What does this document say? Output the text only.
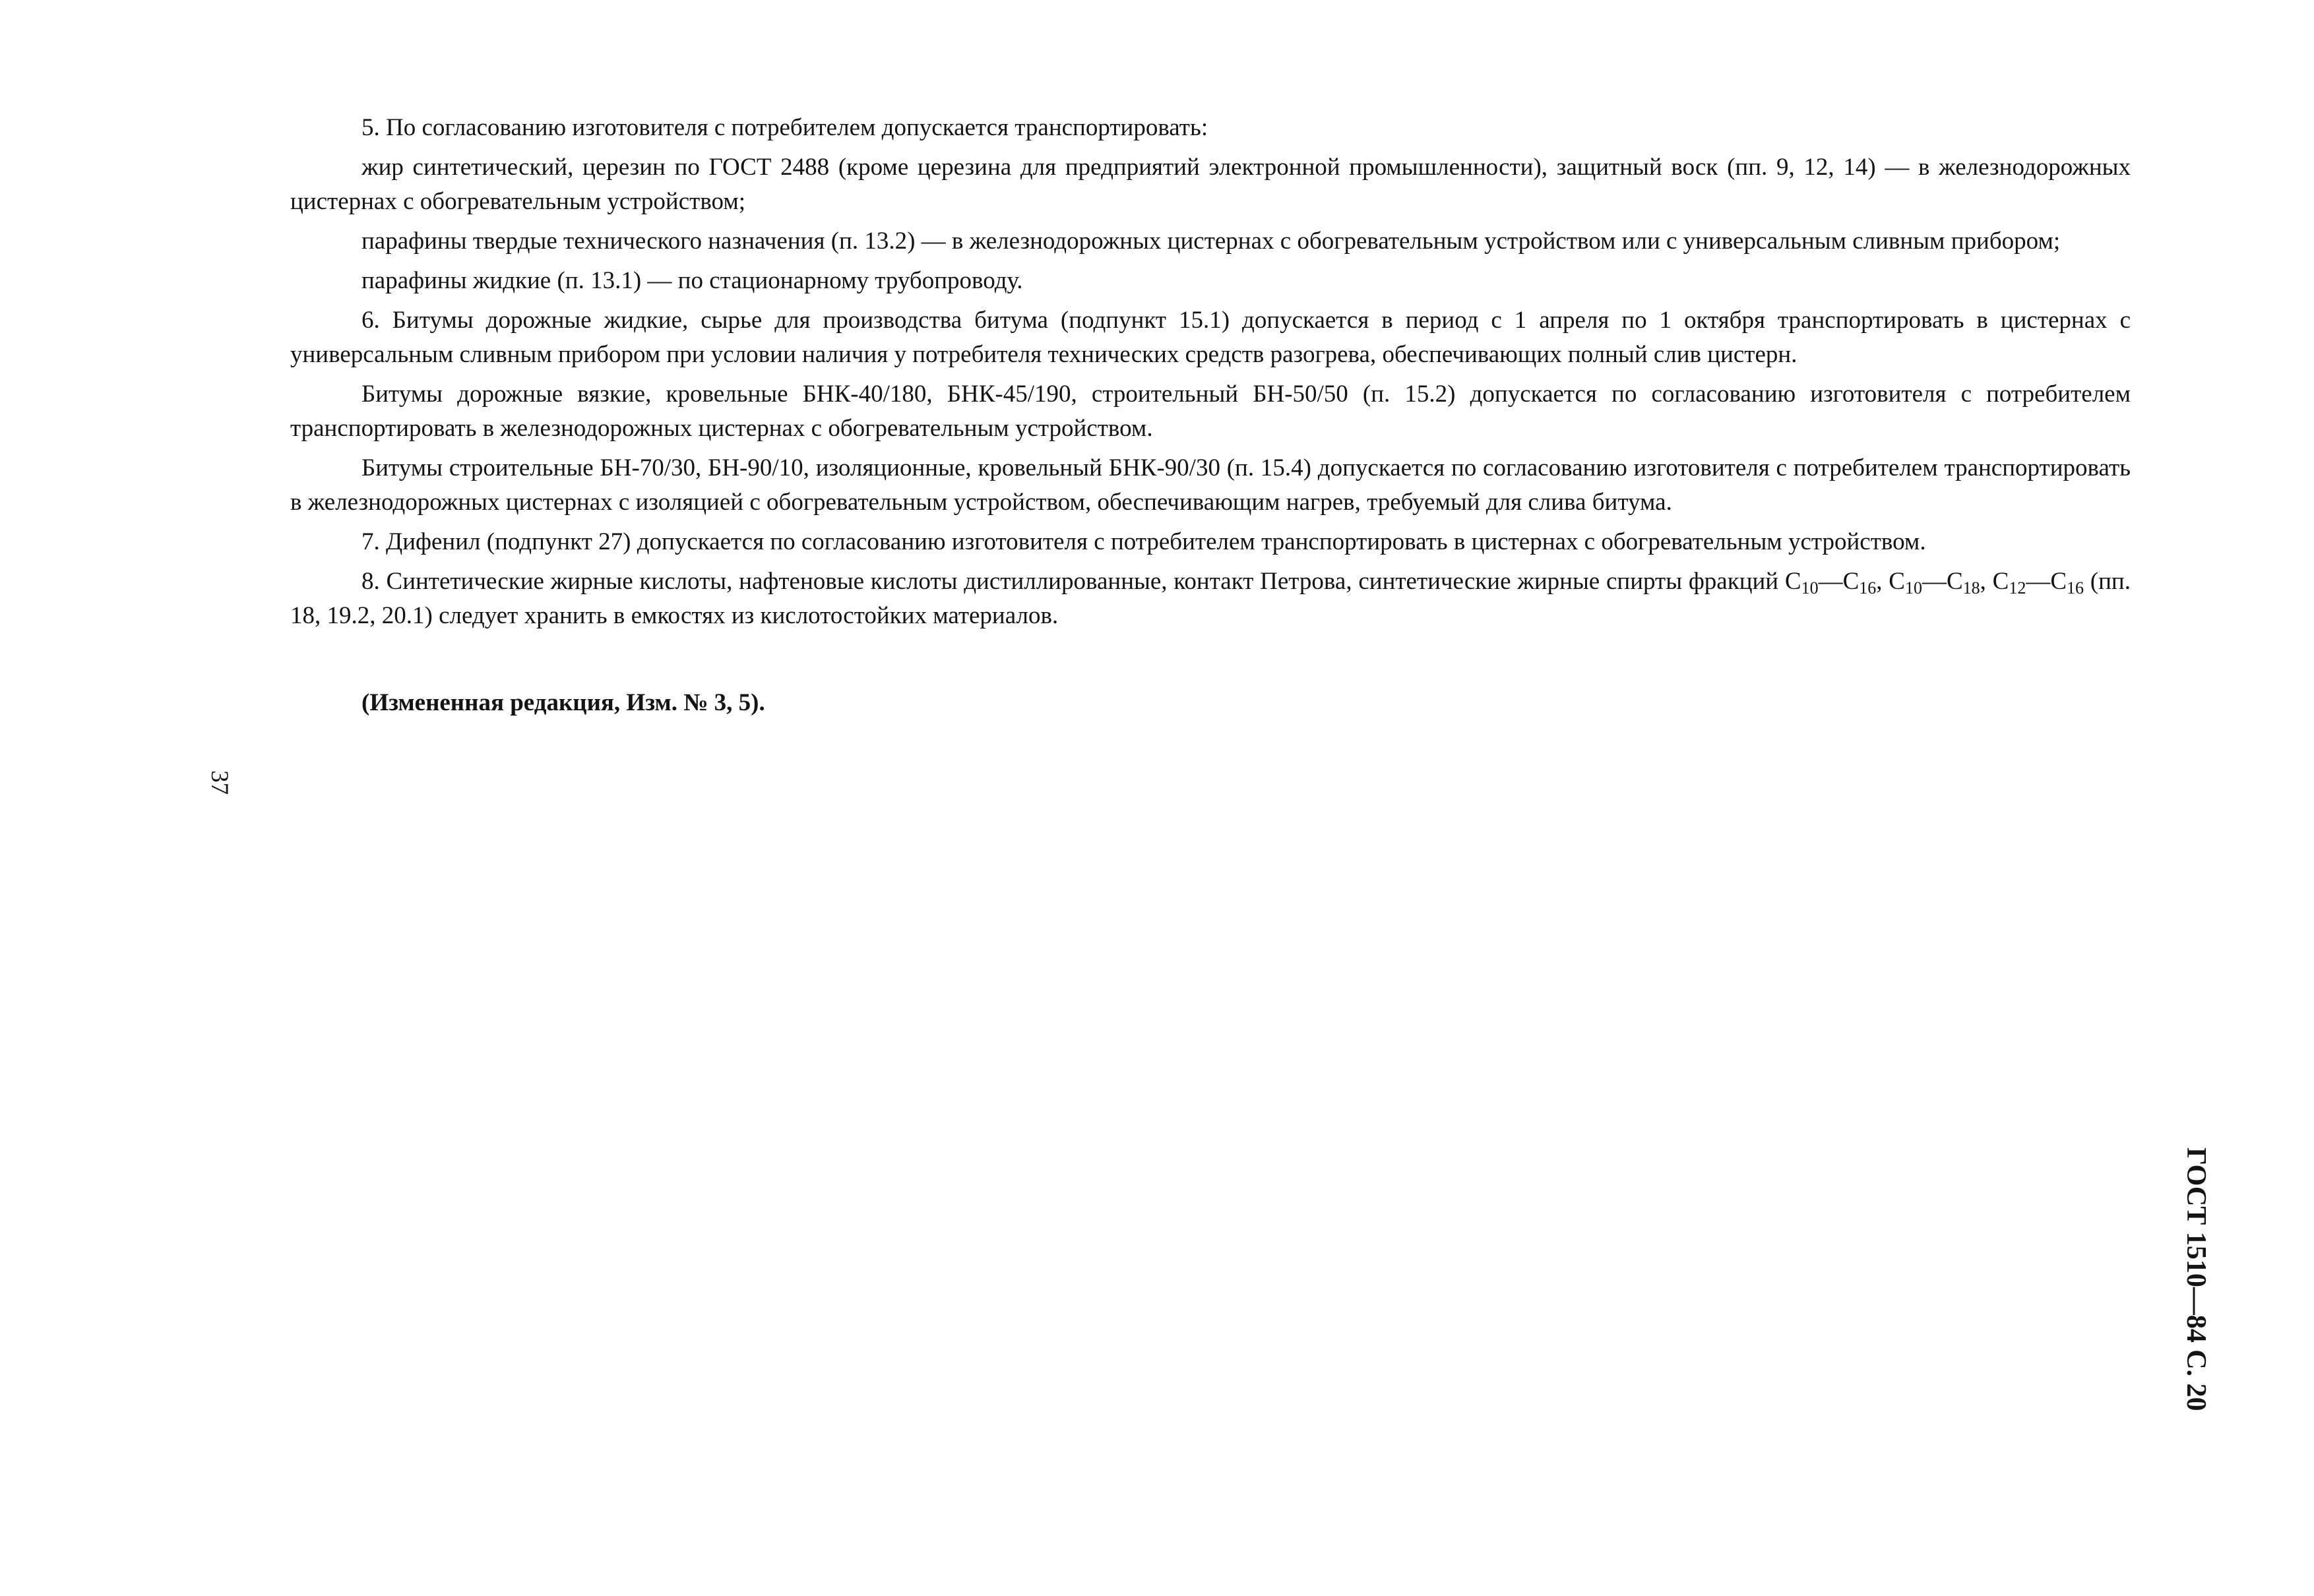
5. По согласованию изготовителя с потребителем допускается транспортировать:

жир синтетический, церезин по ГОСТ 2488 (кроме церезина для предприятий электронной промышленности), защитный воск (пп. 9, 12, 14) — в железнодорожных цистернах с обогревательным устройством;

парафины твердые технического назначения (п. 13.2) — в железнодорожных цистернах с обогревательным устройством или с универсальным сливным прибором;

парафины жидкие (п. 13.1) — по стационарному трубопроводу.

6. Битумы дорожные жидкие, сырье для производства битума (подпункт 15.1) допускается в период с 1 апреля по 1 октября транспортировать в цистернах с универсальным сливным прибором при условии наличия у потребителя технических средств разогрева, обеспечивающих полный слив цистерн.

Битумы дорожные вязкие, кровельные БНК-40/180, БНК-45/190, строительный БН-50/50 (п. 15.2) допускается по согласованию изготовителя с потребителем транспортировать в железнодорожных цистернах с обогревательным устройством.

Битумы строительные БН-70/30, БН-90/10, изоляционные, кровельный БНК-90/30 (п. 15.4) допускается по согласованию изготовителя с потребителем транспортировать в железнодорожных цистернах с изоляцией с обогревательным устройством, обеспечивающим нагрев, требуемый для слива битума.

7. Дифенил (подпункт 27) допускается по согласованию изготовителя с потребителем транспортировать в цистернах с обогревательным устройством.

8. Синтетические жирные кислоты, нафтеновые кислоты дистиллированные, контакт Петрова, синтетические жирные спирты фракций $С_{10}—С_{16}$, $С_{10}—С_{18}$, $С_{12}—С_{16}$ (пп. 18, 19.2, 20.1) следует хранить в емкостях из кислотостойких материалов.

(Измененная редакция, Изм. № 3, 5).

37

ГОСТ 1510—84 С. 20
